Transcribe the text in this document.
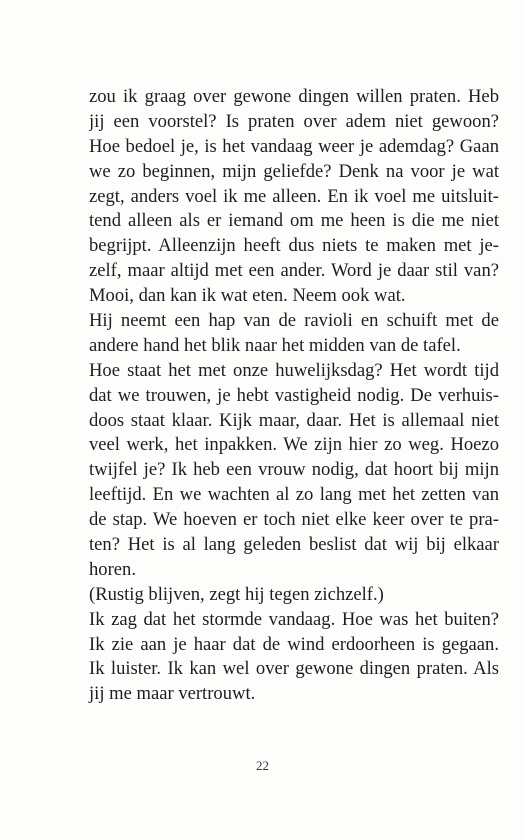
zou ik graag over gewone dingen willen praten. Heb
jij een voorstel? Is praten over adem niet gewoon?
Hoe bedoel je, is het vandaag weer je ademdag? Gaan
we zo beginnen, mijn geliefde? Denk na voor je wat
zegt, anders voel ik me alleen. En ik voel me uitsluit-
tend alleen als er iemand om me heen is die me niet
begrijpt. Alleenzijn heeft dus niets te maken met je-
zelf, maar altijd met een ander. Word je daar stil van?
Mooi, dan kan ik wat eten. Neem ook wat.
Hij neemt een hap van de ravioli en schuift met de
andere hand het blik naar het midden van de tafel.
Hoe staat het met onze huwelijksdag? Het wordt tijd
dat we trouwen, je hebt vastigheid nodig. De verhuis-
doos staat klaar. Kijk maar, daar. Het is allemaal niet
veel werk, het inpakken. We zijn hier zo weg. Hoezo
twijfel je? Ik heb een vrouw nodig, dat hoort bij mijn
leeftijd. En we wachten al zo lang met het zetten van
de stap. We hoeven er toch niet elke keer over te pra-
ten? Het is al lang geleden beslist dat wij bij elkaar
horen.
(Rustig blijven, zegt hij tegen zichzelf.)
Ik zag dat het stormde vandaag. Hoe was het buiten?
Ik zie aan je haar dat de wind erdoorheen is gegaan.
Ik luister. Ik kan wel over gewone dingen praten. Als
jij me maar vertrouwt.
22
